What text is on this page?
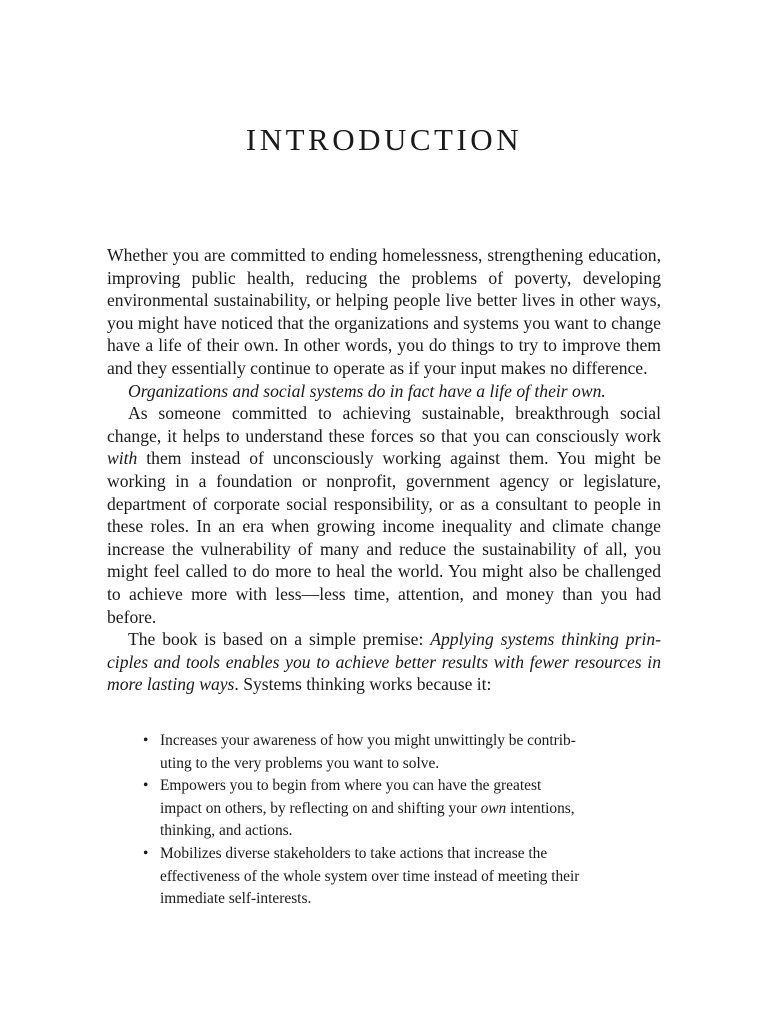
INTRODUCTION

Whether you are committed to ending homelessness, strengthening education, improving public health, reducing the problems of poverty, developing environmental sustainability, or helping people live better lives in other ways, you might have noticed that the organizations and systems you want to change have a life of their own. In other words, you do things to try to improve them and they essentially continue to operate as if your input makes no difference.

Organizations and social systems do in fact have a life of their own.

As someone committed to achieving sustainable, breakthrough social change, it helps to understand these forces so that you can consciously work with them instead of unconsciously working against them. You might be working in a foundation or nonprofit, government agency or legislature, department of corporate social responsibility, or as a consultant to people in these roles. In an era when growing income inequality and climate change increase the vulnerability of many and reduce the sustainability of all, you might feel called to do more to heal the world. You might also be challenged to achieve more with less—less time, attention, and money than you had before.

The book is based on a simple premise: Applying systems thinking principles and tools enables you to achieve better results with fewer resources in more lasting ways. Systems thinking works because it:

• Increases your awareness of how you might unwittingly be contrib-
uting to the very problems you want to solve.
• Empowers you to begin from where you can have the greatest
impact on others, by reflecting on and shifting your own intentions,
thinking, and actions.
• Mobilizes diverse stakeholders to take actions that increase the
effectiveness of the whole system over time instead of meeting their
immediate self-interests.
